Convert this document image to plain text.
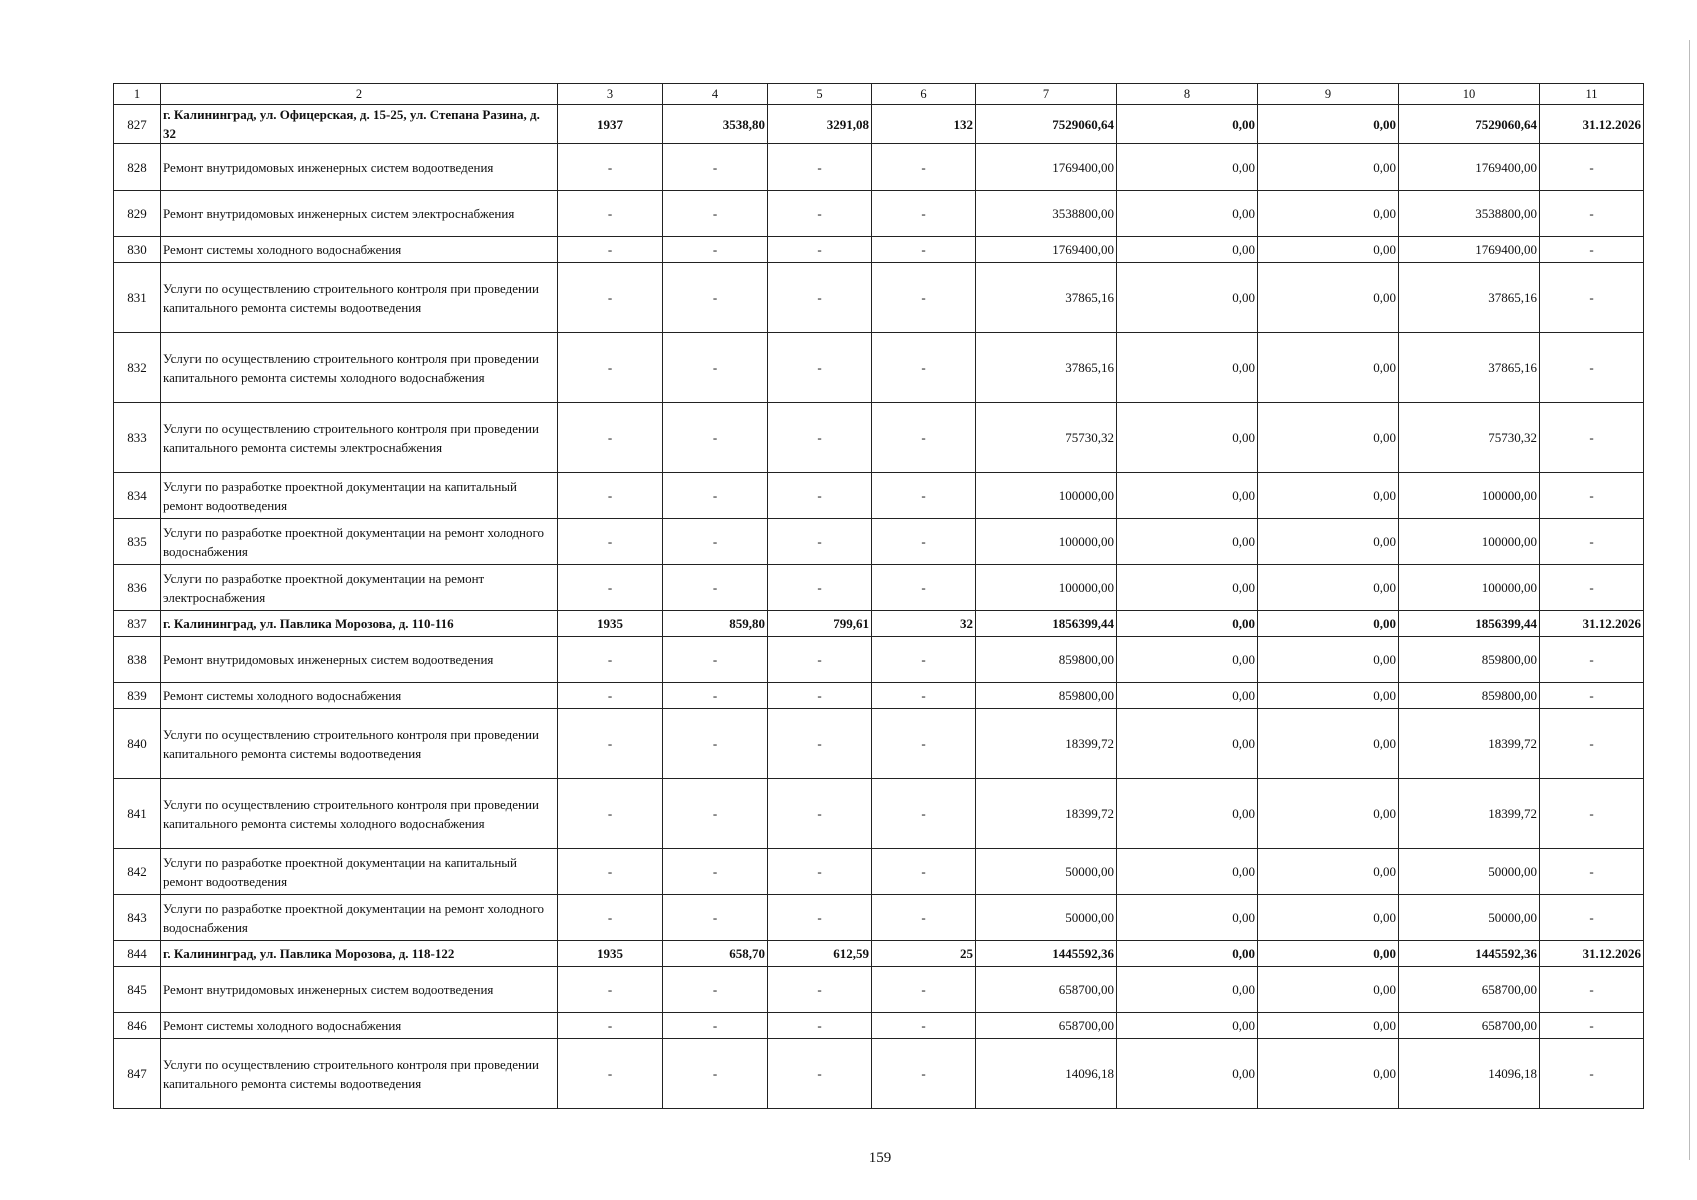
1	2	3	4	5	6	7	8	9	10	11
827	г. Калининград, ул. Офицерская, д. 15-25, ул. Степана Разина, д. 32	1937	3538,80	3291,08	132	7529060,64	0,00	0,00	7529060,64	31.12.2026
828	Ремонт внутридомовых инженерных систем водоотведения	-	-	-	-	1769400,00	0,00	0,00	1769400,00	-
829	Ремонт внутридомовых инженерных систем электроснабжения	-	-	-	-	3538800,00	0,00	0,00	3538800,00	-
830	Ремонт системы холодного водоснабжения	-	-	-	-	1769400,00	0,00	0,00	1769400,00	-
831	Услуги по осуществлению строительного контроля при проведении капитального ремонта системы водоотведения	-	-	-	-	37865,16	0,00	0,00	37865,16	-
832	Услуги по осуществлению строительного контроля при проведении капитального ремонта системы холодного водоснабжения	-	-	-	-	37865,16	0,00	0,00	37865,16	-
833	Услуги по осуществлению строительного контроля при проведении капитального ремонта системы электроснабжения	-	-	-	-	75730,32	0,00	0,00	75730,32	-
834	Услуги по разработке проектной документации на капитальный ремонт водоотведения	-	-	-	-	100000,00	0,00	0,00	100000,00	-
835	Услуги по разработке проектной документации на ремонт холодного водоснабжения	-	-	-	-	100000,00	0,00	0,00	100000,00	-
836	Услуги по разработке проектной документации на ремонт электроснабжения	-	-	-	-	100000,00	0,00	0,00	100000,00	-
837	г. Калининград, ул. Павлика Морозова, д. 110-116	1935	859,80	799,61	32	1856399,44	0,00	0,00	1856399,44	31.12.2026
838	Ремонт внутридомовых инженерных систем водоотведения	-	-	-	-	859800,00	0,00	0,00	859800,00	-
839	Ремонт системы холодного водоснабжения	-	-	-	-	859800,00	0,00	0,00	859800,00	-
840	Услуги по осуществлению строительного контроля при проведении капитального ремонта системы водоотведения	-	-	-	-	18399,72	0,00	0,00	18399,72	-
841	Услуги по осуществлению строительного контроля при проведении капитального ремонта системы холодного водоснабжения	-	-	-	-	18399,72	0,00	0,00	18399,72	-
842	Услуги по разработке проектной документации на капитальный ремонт водоотведения	-	-	-	-	50000,00	0,00	0,00	50000,00	-
843	Услуги по разработке проектной документации на ремонт холодного водоснабжения	-	-	-	-	50000,00	0,00	0,00	50000,00	-
844	г. Калининград, ул. Павлика Морозова, д. 118-122	1935	658,70	612,59	25	1445592,36	0,00	0,00	1445592,36	31.12.2026
845	Ремонт внутридомовых инженерных систем водоотведения	-	-	-	-	658700,00	0,00	0,00	658700,00	-
846	Ремонт системы холодного водоснабжения	-	-	-	-	658700,00	0,00	0,00	658700,00	-
847	Услуги по осуществлению строительного контроля при проведении капитального ремонта системы водоотведения	-	-	-	-	14096,18	0,00	0,00	14096,18	-
159
